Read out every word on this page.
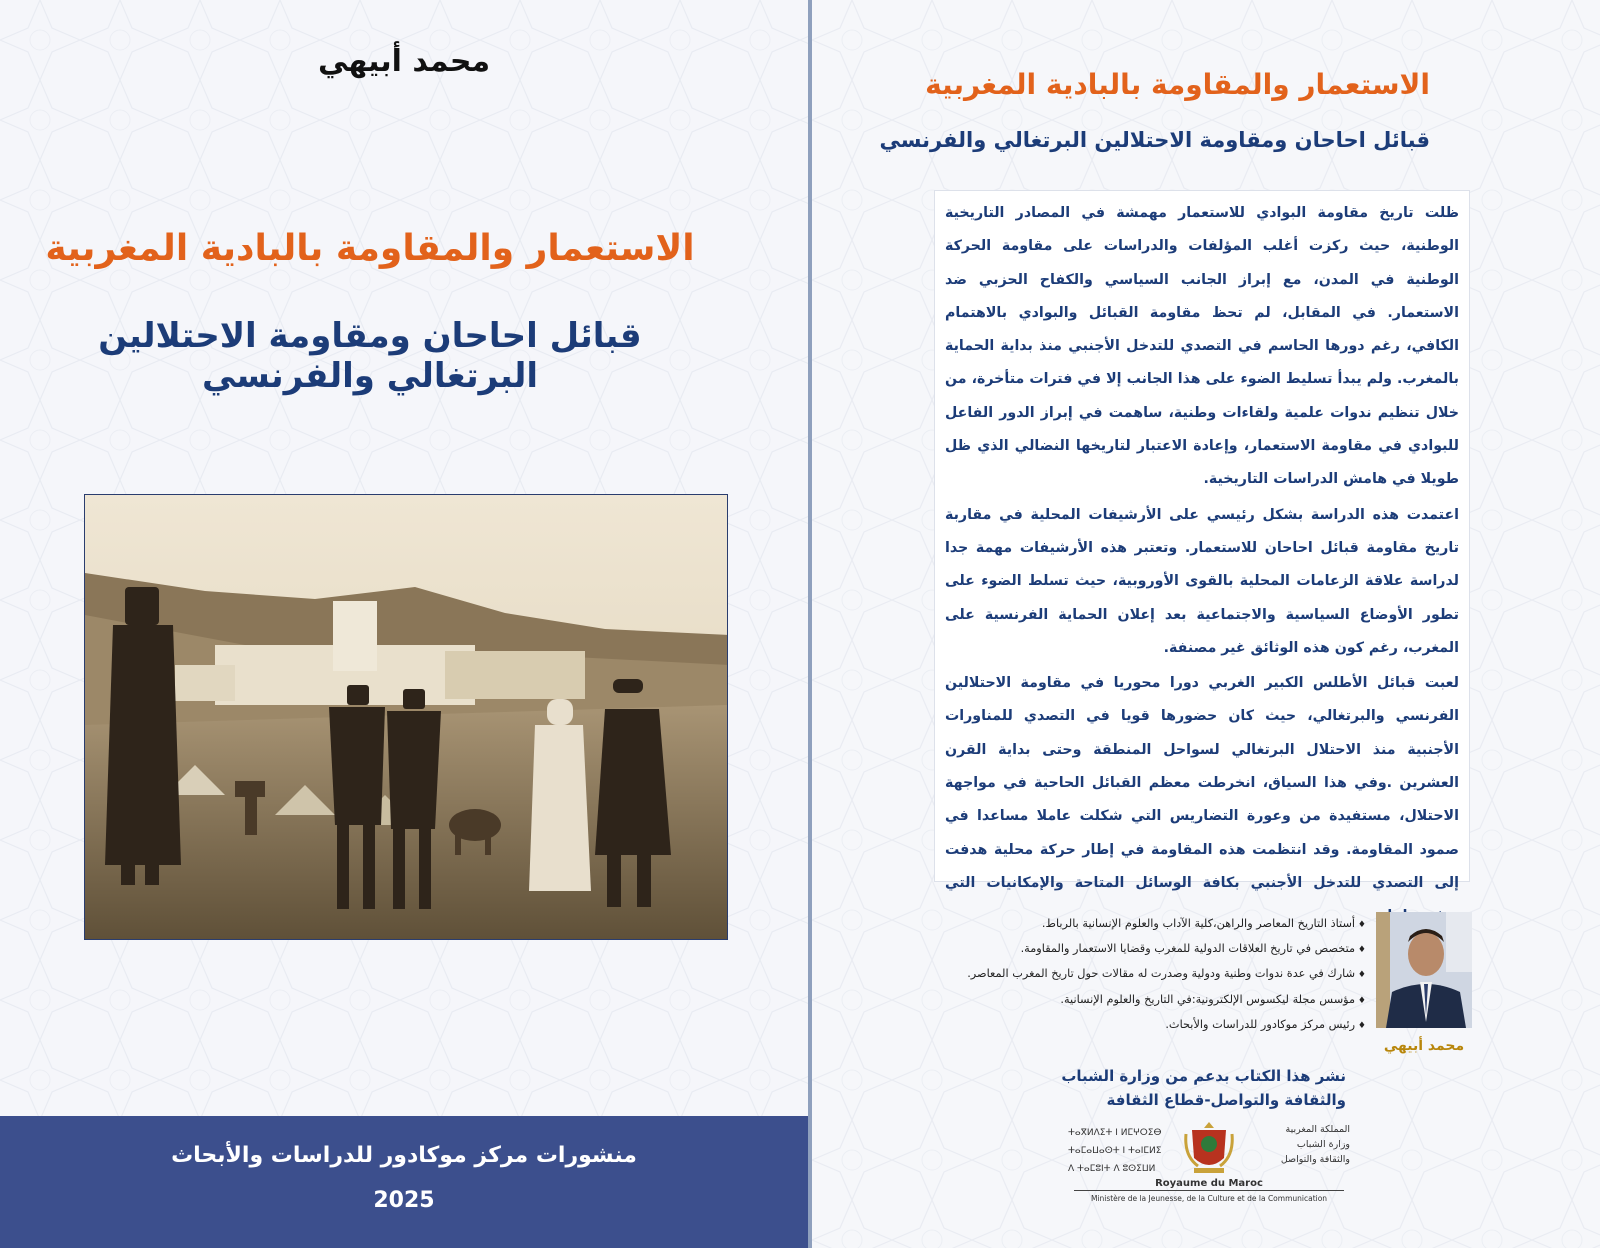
محمد أبيهي
الاستعمار والمقاومة بالبادية المغربية
قبائل احاحان ومقاومة الاحتلالين البرتغالي والفرنسي
منشورات مركز موكادور للدراسات والأبحاث
2025
الاستعمار والمقاومة بالبادية المغربية
قبائل احاحان ومقاومة الاحتلالين البرتغالي والفرنسي

ظلت تاريخ مقاومة البوادي للاستعمار مهمشة في المصادر التاريخية الوطنية، حيث ركزت أغلب المؤلفات والدراسات على مقاومة الحركة الوطنية في المدن، مع إبراز الجانب السياسي والكفاح الحزبي ضد الاستعمار. في المقابل، لم تحظ مقاومة القبائل والبوادي بالاهتمام الكافي، رغم دورها الحاسم في التصدي للتدخل الأجنبي منذ بداية الحماية بالمغرب. ولم يبدأ تسليط الضوء على هذا الجانب إلا في فترات متأخرة، من خلال تنظيم ندوات علمية ولقاءات وطنية، ساهمت في إبراز الدور الفاعل للبوادي في مقاومة الاستعمار، وإعادة الاعتبار لتاريخها النضالي الذي ظل طويلا في هامش الدراسات التاريخية.

اعتمدت هذه الدراسة بشكل رئيسي على الأرشيفات المحلية في مقاربة تاريخ مقاومة قبائل احاحان للاستعمار. وتعتبر هذه الأرشيفات مهمة جدا لدراسة علاقة الزعامات المحلية بالقوى الأوروبية، حيث تسلط الضوء على تطور الأوضاع السياسية والاجتماعية بعد إعلان الحماية الفرنسية على المغرب، رغم كون هذه الوثائق غير مصنفة.

لعبت قبائل الأطلس الكبير الغربي دورا محوريا في مقاومة الاحتلالين الفرنسي والبرتغالي، حيث كان حضورها قويا في التصدي للمناورات الأجنبية منذ الاحتلال البرتغالي لسواحل المنطقة وحتى بداية القرن العشرين .وفي هذا السياق، انخرطت معظم القبائل الحاحية في مواجهة الاحتلال، مستفيدة من وعورة التضاريس التي شكلت عاملا مساعدا في صمود المقاومة. وقد انتظمت هذه المقاومة في إطار حركة محلية هدفت إلى التصدي للتدخل الأجنبي بكافة الوسائل المتاحة والإمكانيات التي

♦ أستاذ التاريخ المعاصر والراهن،كلية الآداب والعلوم الإنسانية بالرباط.
♦ متخصص في تاريخ العلاقات الدولية للمغرب وقضايا الاستعمار والمقاومة.
♦ شارك في عدة ندوات وطنية ودولية وصدرت له مقالات حول تاريخ المغرب المعاصر.
♦ مؤسس مجلة ليكسوس الإلكترونية:في التاريخ والعلوم الإنسانية.
♦ رئيس مركز موكادور للدراسات والأبحاث.
محمد أبيهي
نشر هذا الكتاب بدعم من وزارة الشباب والثقافة والتواصل-قطاع الثقافة
ⵜⴰⴳⵍⴷⵉⵜ ⵏ ⵍⵎⵖⵔⵉⴱ
ⵜⴰⵎⴰⵡⴰⵙⵜ ⵏ ⵜⴰⵏⵎⵍⵉ
ⴷ ⵜⴰⵎⵓⵏⵜ ⴷ ⵓⵙⵉⵡⵍ
المملكة المغربية
وزارة الشباب
والثقافة والتواصل
Royaume du Maroc
Ministère de la Jeunesse, de la Culture et de la Communication
